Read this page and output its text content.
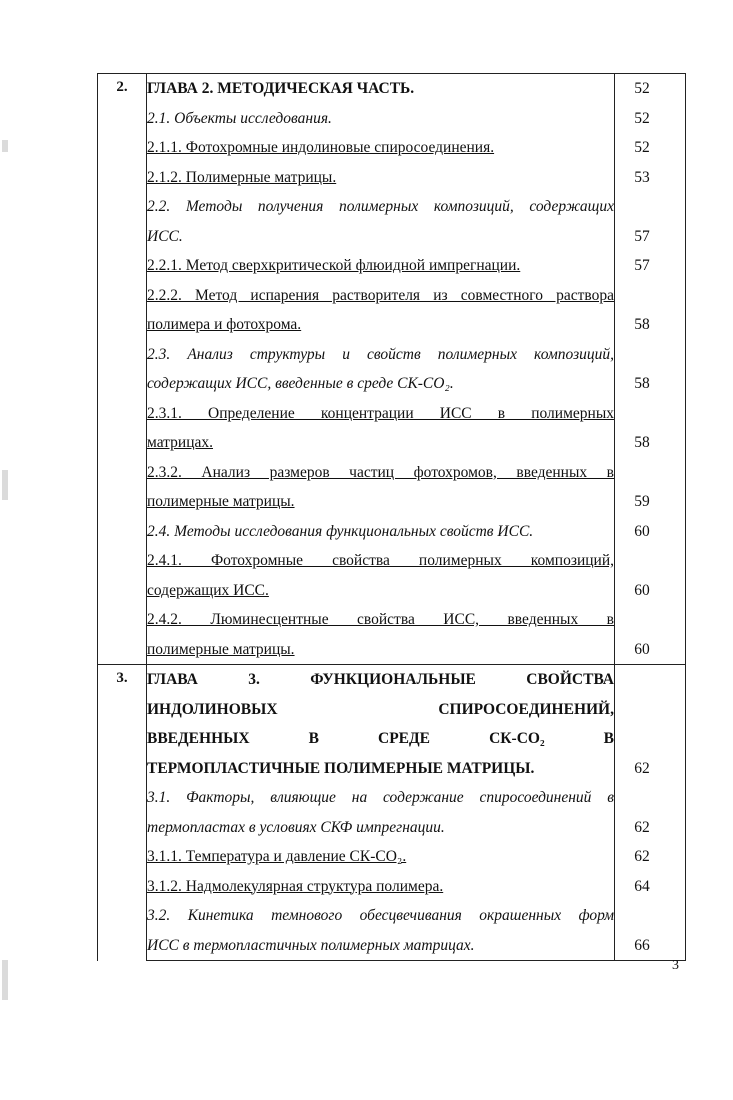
2.	ГЛАВА 2. МЕТОДИЧЕСКАЯ ЧАСТЬ.	52

	2.1. Объекты исследования.	52

	2.1.1. Фотохромные индолиновые спиросоединения.	52

	2.1.2. Полимерные матрицы.	53

	2.2. Методы получения полимерных композиций, содержащих
ИСС.	57

	2.2.1. Метод сверхкритической флюидной импрегнации.	57

	2.2.2. Метод испарения растворителя из совместного раствора
полимера и фотохрома.	58

	2.3. Анализ структуры и свойств полимерных композиций,
содержащих ИСС, введенные в среде СК-СО₂.	58

	2.3.1. Определение концентрации ИСС в полимерных
матрицах.	58

	2.3.2. Анализ размеров частиц фотохромов, введенных в
полимерные матрицы.	59

	2.4. Методы исследования функциональных свойств ИСС.	60

	2.4.1. Фотохромные свойства полимерных композиций,
содержащих ИСС.	60

	2.4.2. Люминесцентные свойства ИСС, введенных в
полимерные матрицы.	60

3.	ГЛАВА 3. ФУНКЦИОНАЛЬНЫЕ СВОЙСТВА
ИНДОЛИНОВЫХ СПИРОСОЕДИНЕНИЙ,
ВВЕДЕННЫХ В СРЕДЕ СК-СО₂ В
ТЕРМОПЛАСТИЧНЫЕ ПОЛИМЕРНЫЕ МАТРИЦЫ.	62

	3.1. Факторы, влияющие на содержание спиросоединений в
термопластах в условиях СКФ импрегнации.	62

	3.1.1. Температура и давление СК-СО₂.	62

	3.1.2. Надмолекулярная структура полимера.	64

	3.2. Кинетика темнового обесцвечивания окрашенных форм
ИСС в термопластичных полимерных матрицах.	66
3
